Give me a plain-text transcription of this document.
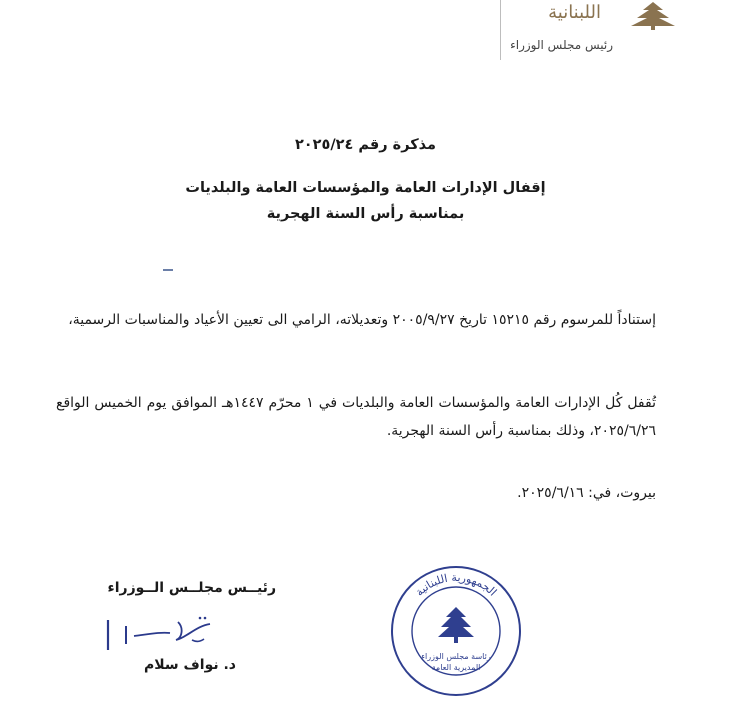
اللبنانية
رئيس مجلس الوزراء
مذكرة رقم ٢٠٢٥/٢٤
إقفال الإدارات العامة والمؤسسات العامة والبلديات
بمناسبة رأس السنة الهجرية
إستناداً للمرسوم رقم ١٥٢١٥ تاريخ ٢٠٠٥/٩/٢٧ وتعديلاته، الرامي الى تعيين الأعياد والمناسبات الرسمية،
تُقفل كُل الإدارات العامة والمؤسسات العامة والبلديات في ١ محرّم ١٤٤٧هـ الموافق يوم الخميس الواقع ٢٠٢٥/٦/٢٦، وذلك بمناسبة رأس السنة الهجرية.
بيروت، في: ٢٠٢٥/٦/١٦.
رئيــس مجلــس الــوزراء
د. نواف سلام
الجمهورية اللبنانية
رئاسة مجلس الوزراء
المديرية العامة
